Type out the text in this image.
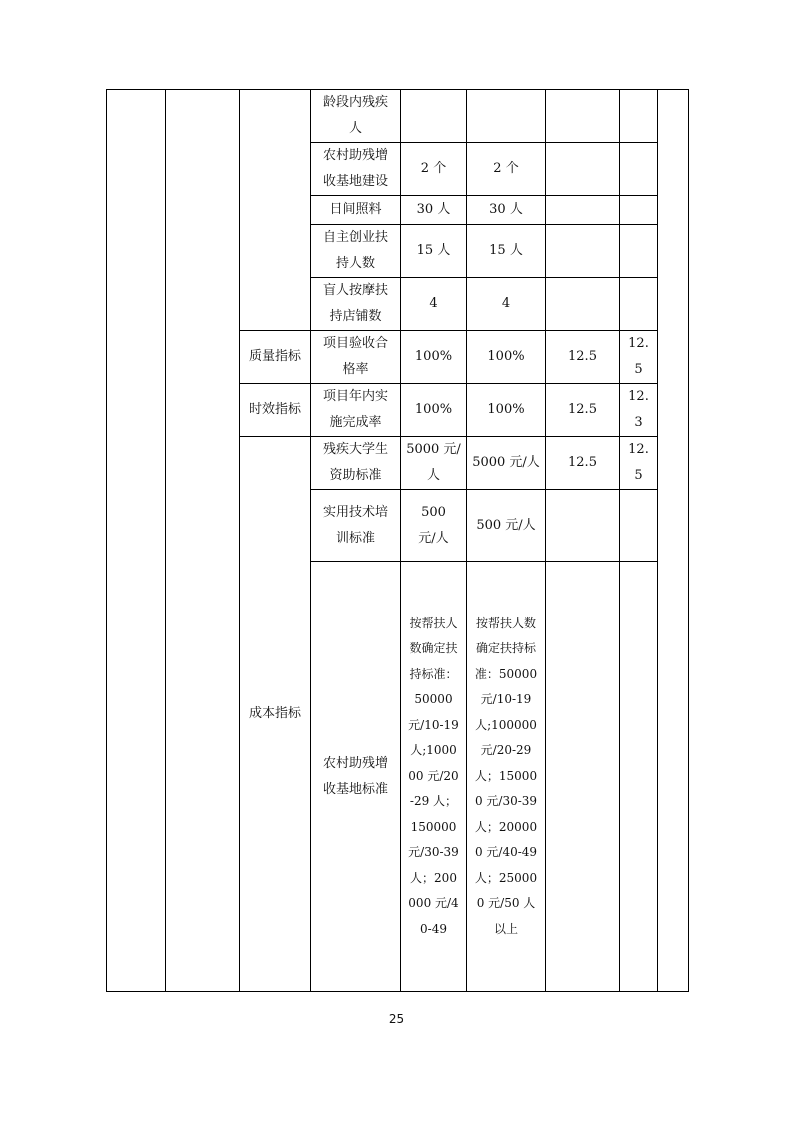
			龄段内残疾人					

			农村助残增收基地建设	2 个	2 个			
			日间照料	30 人	30 人			

			自主创业扶持人数	15 人	15 人			

			盲人按摩扶持店铺数	4	4			
		质量指标	项目验收合格率	100%	100%	12.5	12.
5	
		时效指标	项目年内实施完成率	100%	100%	12.5	12.
3	
		成本指标	残疾大学生资助标准	5000 元/人	5000 元/人	12.5	12.
5	

			实用技术培训标准	500 元/人	500 元/人			

			农村助残增收基地标准	按帮扶人数确定扶持标准：50000 元/10-19 人;100000 元/20-29 人；150000 元/30-39 人；200000 元/40-49	按帮扶人数确定扶持标准：50000 元/10-19 人;100000 元/20-29 人；150000 元/30-39 人；200000 元/40-49 人；250000 元/50 人以上			

25
